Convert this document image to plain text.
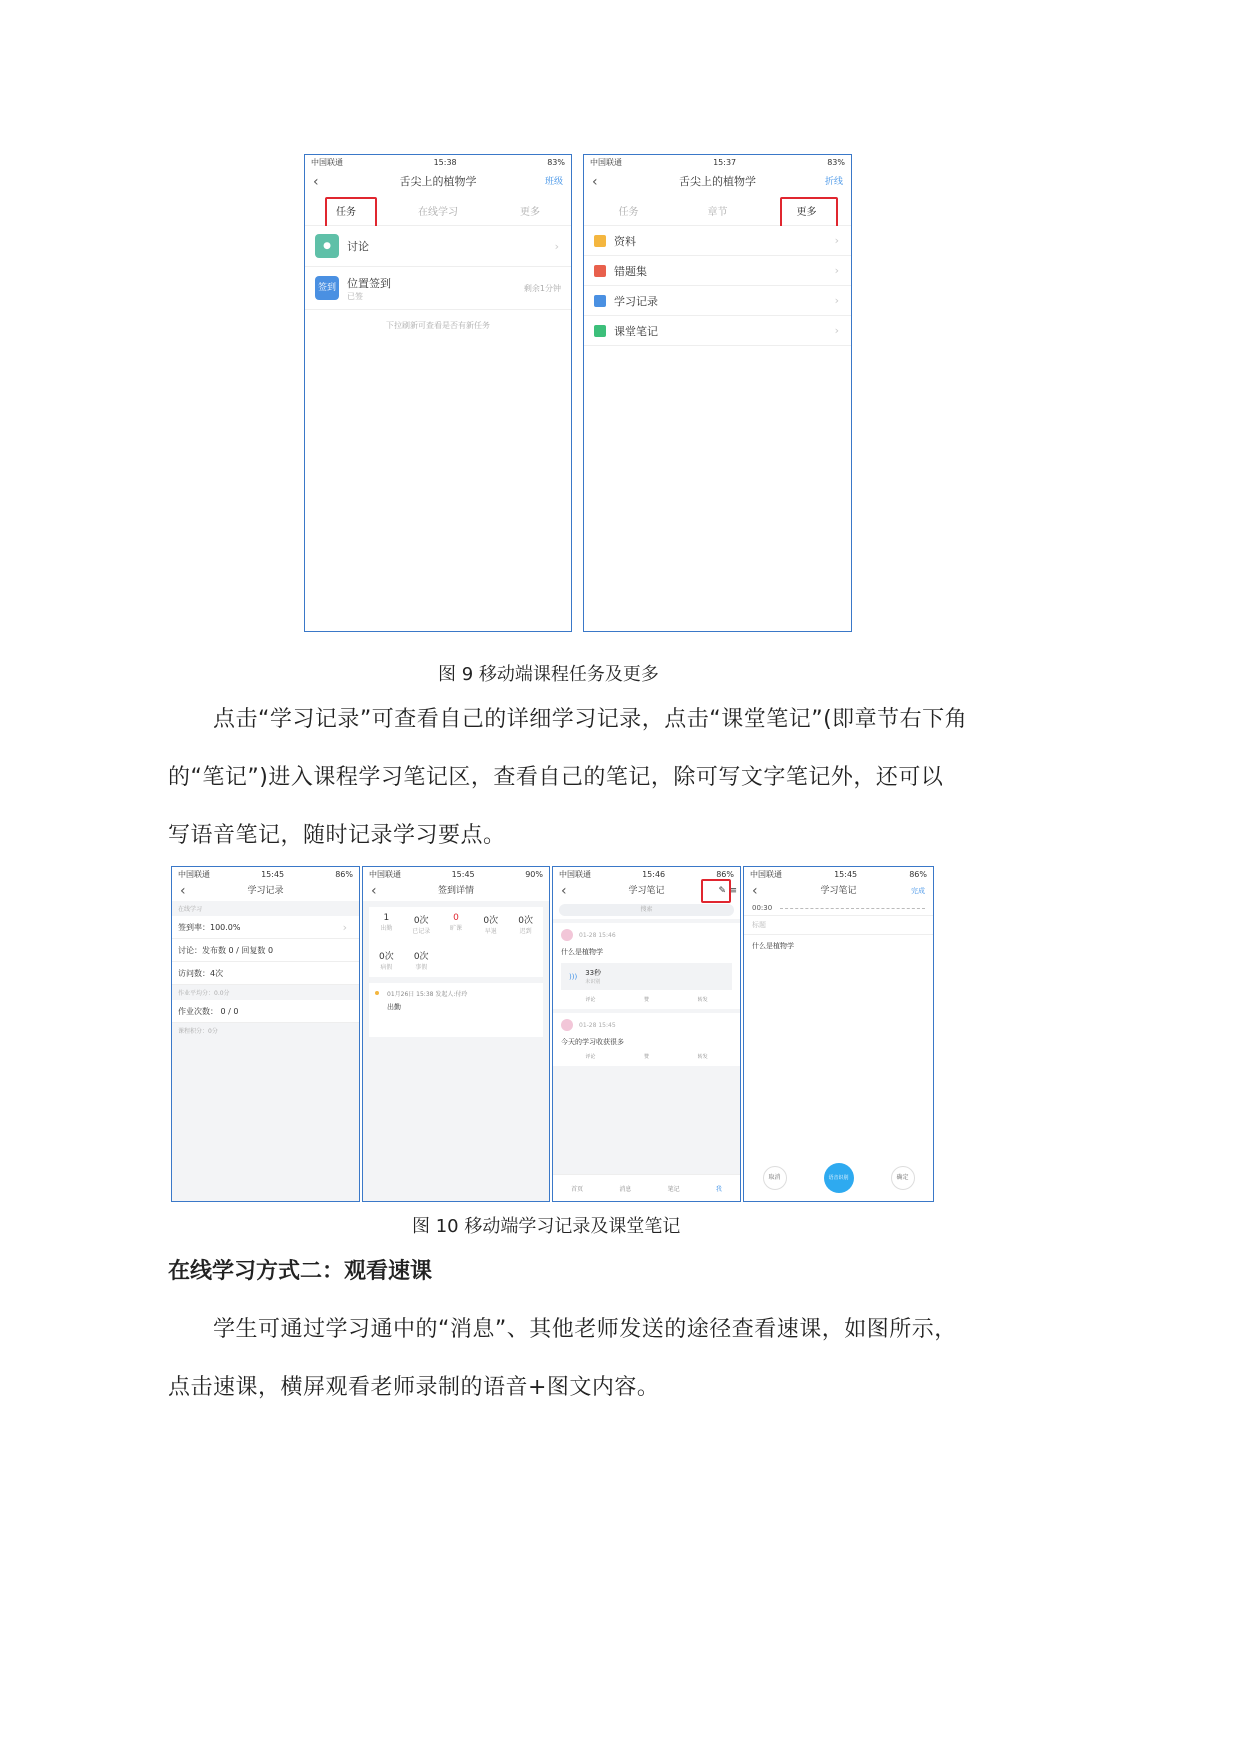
中国联通	15:38	83%
‹	舌尖上的植物学	班级
任务	在线学习	更多
●	讨论	›
签到 位置签到
已签
剩余1分钟
下拉刷新可查看是否有新任务
中国联通	15:37	83%
‹	舌尖上的植物学	折线
任务	章节	更多
资料	›
错题集	›
学习记录	›
课堂笔记	›
图 9 移动端课程任务及更多
点击“学习记录”可查看自己的详细学习记录，点击“课堂笔记”(即章节右下角
的“笔记”)进入课程学习笔记区，查看自己的笔记，除可写文字笔记外，还可以
写语音笔记，随时记录学习要点。
中国联通	15:45	86%
‹	学习记录
在线学习
签到率：100.0%	›
讨论：发布数 0 / 回复数 0
访问数：4次
作业平均分：0.0分
作业次数： 0 / 0
课程积分：0分
中国联通	15:45	90%
‹	签到详情
1
出勤
0次
已记录
0
旷课
0次
早退
0次
迟到
0次
病假
0次
事假
01月26日 15:38 发起人:付玲
出勤
中国联通	15:46	86%
‹	学习笔记	✎ ≡
搜索
01-28 15:46
什么是植物学
))) 33秒
未识别
评论	赞	转发
01-28 15:45
今天的学习收获很多
评论	赞	转发
首页	消息	笔记	我
中国联通	15:45	86%
‹	学习笔记	完成
00:30
标题
什么是植物学
取消	语音识别	确定
图 10 移动端学习记录及课堂笔记
在线学习方式二：观看速课
学生可通过学习通中的“消息”、其他老师发送的途径查看速课，如图所示，
点击速课，横屏观看老师录制的语音+图文内容。
